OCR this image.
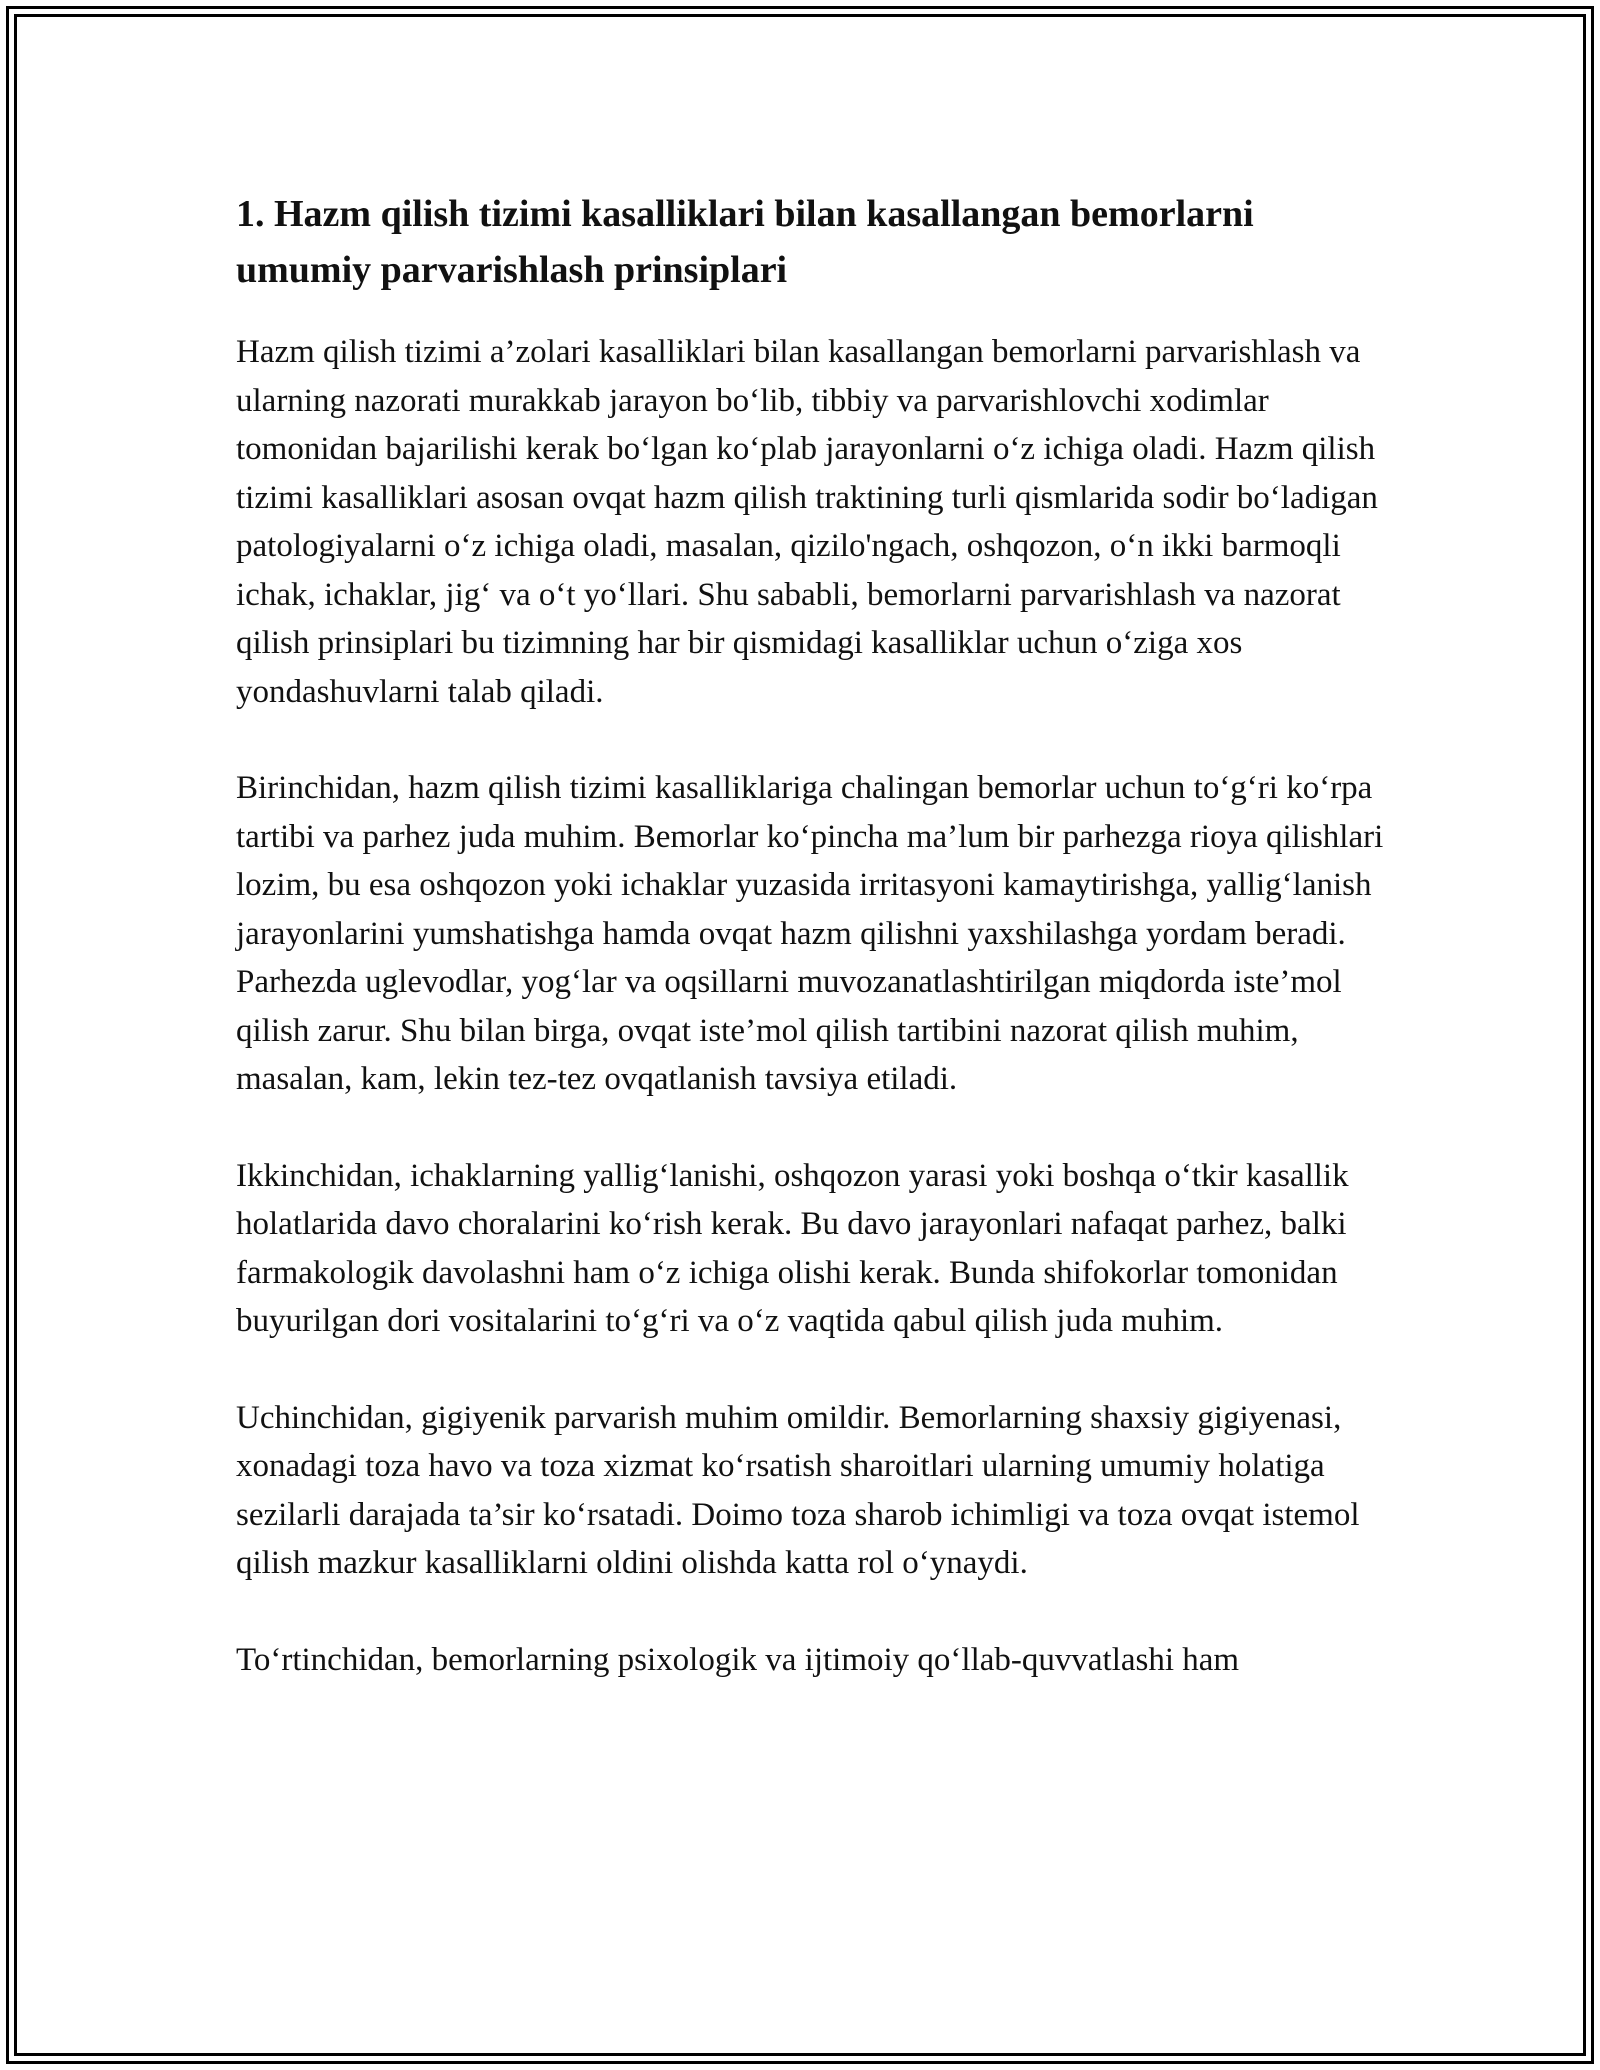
1. Hazm qilish tizimi kasalliklari bilan kasallangan bemorlarni umumiy parvarishlash prinsiplari

Hazm qilish tizimi a’zolari kasalliklari bilan kasallangan bemorlarni parvarishlash va ularning nazorati murakkab jarayon bo‘lib, tibbiy va parvarishlovchi xodimlar tomonidan bajarilishi kerak bo‘lgan ko‘plab jarayonlarni o‘z ichiga oladi. Hazm qilish tizimi kasalliklari asosan ovqat hazm qilish traktining turli qismlarida sodir bo‘ladigan patologiyalarni o‘z ichiga oladi, masalan, qizilo'ngach, oshqozon, o‘n ikki barmoqli ichak, ichaklar, jig‘ va o‘t yo‘llari. Shu sababli, bemorlarni parvarishlash va nazorat qilish prinsiplari bu tizimning har bir qismidagi kasalliklar uchun o‘ziga xos yondashuvlarni talab qiladi.

Birinchidan, hazm qilish tizimi kasalliklariga chalingan bemorlar uchun to‘g‘ri ko‘rpa tartibi va parhez juda muhim. Bemorlar ko‘pincha ma’lum bir parhezga rioya qilishlari lozim, bu esa oshqozon yoki ichaklar yuzasida irritasyoni kamaytirishga, yallig‘lanish jarayonlarini yumshatishga hamda ovqat hazm qilishni yaxshilashga yordam beradi. Parhezda uglevodlar, yog‘lar va oqsillarni muvozanatlashtirilgan miqdorda iste’mol qilish zarur. Shu bilan birga, ovqat iste’mol qilish tartibini nazorat qilish muhim, masalan, kam, lekin tez-tez ovqatlanish tavsiya etiladi.

Ikkinchidan, ichaklarning yallig‘lanishi, oshqozon yarasi yoki boshqa o‘tkir kasallik holatlarida davo choralarini ko‘rish kerak. Bu davo jarayonlari nafaqat parhez, balki farmakologik davolashni ham o‘z ichiga olishi kerak. Bunda shifokorlar tomonidan buyurilgan dori vositalarini to‘g‘ri va o‘z vaqtida qabul qilish juda muhim.

Uchinchidan, gigiyenik parvarish muhim omildir. Bemorlarning shaxsiy gigiyenasi, xonadagi toza havo va toza xizmat ko‘rsatish sharoitlari ularning umumiy holatiga sezilarli darajada ta’sir ko‘rsatadi. Doimo toza sharob ichimligi va toza ovqat istemol qilish mazkur kasalliklarni oldini olishda katta rol o‘ynaydi.

To‘rtinchidan, bemorlarning psixologik va ijtimoiy qo‘llab-quvvatlashi ham
